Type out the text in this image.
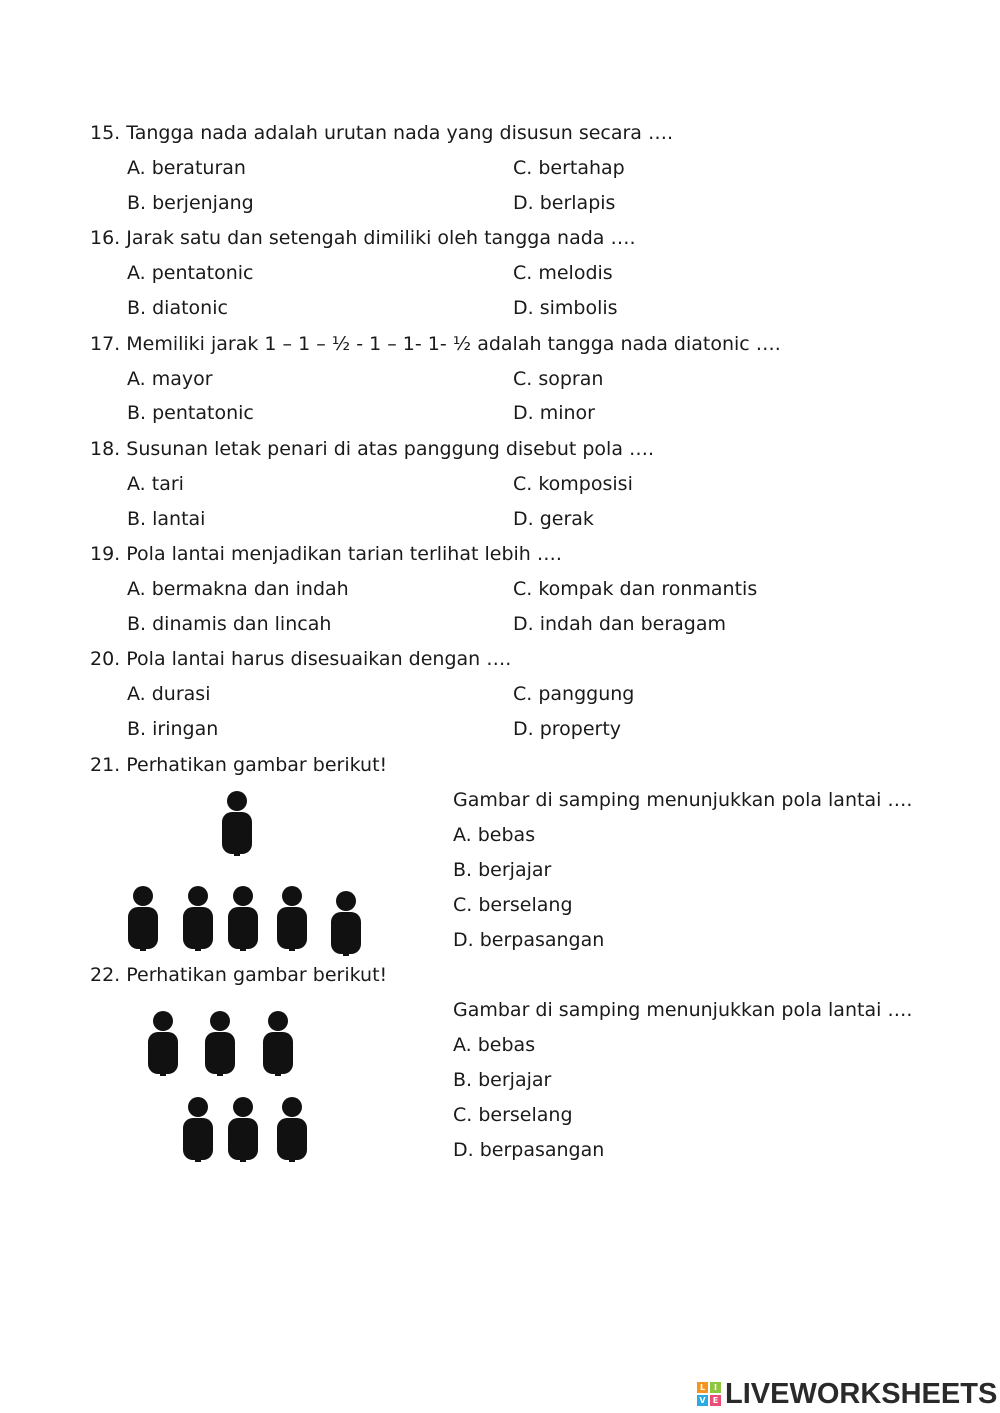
15. Tangga nada adalah urutan nada yang disusun secara ….
A. beraturan	C. bertahap
B. berjenjang	D. berlapis
16. Jarak satu dan setengah dimiliki oleh tangga nada ….
A. pentatonic	C. melodis
B. diatonic	D. simbolis
17. Memiliki jarak 1 – 1 – ½ - 1 – 1- 1- ½ adalah tangga nada diatonic ….
A. mayor	C. sopran
B. pentatonic	D. minor
18. Susunan letak penari di atas panggung disebut pola ….
A. tari	C. komposisi
B. lantai	D. gerak
19. Pola lantai menjadikan tarian terlihat lebih ….
A. bermakna dan indah	C. kompak dan ronmantis
B. dinamis dan lincah	D. indah dan beragam
20. Pola lantai harus disesuaikan dengan ….
A. durasi	C. panggung
B. iringan	D. property
21. Perhatikan gambar berikut!
Gambar di samping menunjukkan pola lantai ….
A. bebas
B. berjajar
C. berselang
D. berpasangan
22. Perhatikan gambar berikut!
Gambar di samping menunjukkan pola lantai ….
A. bebas
B. berjajar
C. berselang
D. berpasangan
L	I
V E LIVEWORKSHEETS
